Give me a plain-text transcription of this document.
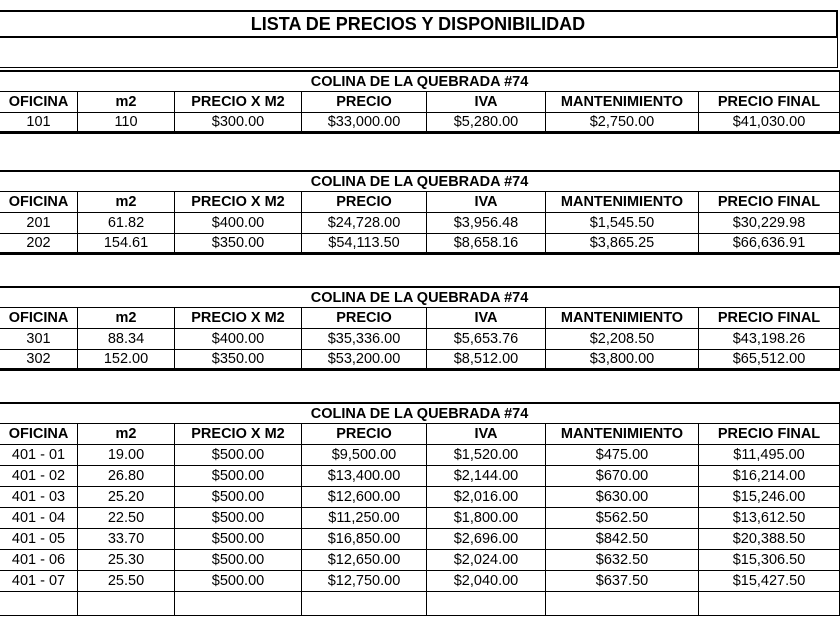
LISTA DE PRECIOS Y DISPONIBILIDAD
COLINA DE LA QUEBRADA #74
OFICINA	m2	PRECIO X M2	PRECIO	IVA	MANTENIMIENTO	PRECIO FINAL
101	110	$300.00	$33,000.00	$5,280.00	$2,750.00	$41,030.00
COLINA DE LA QUEBRADA #74
OFICINA	m2	PRECIO X M2	PRECIO	IVA	MANTENIMIENTO	PRECIO FINAL
201	61.82	$400.00	$24,728.00	$3,956.48	$1,545.50	$30,229.98
202	154.61	$350.00	$54,113.50	$8,658.16	$3,865.25	$66,636.91
COLINA DE LA QUEBRADA #74
OFICINA	m2	PRECIO X M2	PRECIO	IVA	MANTENIMIENTO	PRECIO FINAL
301	88.34	$400.00	$35,336.00	$5,653.76	$2,208.50	$43,198.26
302	152.00	$350.00	$53,200.00	$8,512.00	$3,800.00	$65,512.00
COLINA DE LA QUEBRADA #74
OFICINA	m2	PRECIO X M2	PRECIO	IVA	MANTENIMIENTO	PRECIO FINAL
401 - 01	19.00	$500.00	$9,500.00	$1,520.00	$475.00	$11,495.00
401 - 02	26.80	$500.00	$13,400.00	$2,144.00	$670.00	$16,214.00
401 - 03	25.20	$500.00	$12,600.00	$2,016.00	$630.00	$15,246.00
401 - 04	22.50	$500.00	$11,250.00	$1,800.00	$562.50	$13,612.50
401 - 05	33.70	$500.00	$16,850.00	$2,696.00	$842.50	$20,388.50
401 - 06	25.30	$500.00	$12,650.00	$2,024.00	$632.50	$15,306.50
401 - 07	25.50	$500.00	$12,750.00	$2,040.00	$637.50	$15,427.50
